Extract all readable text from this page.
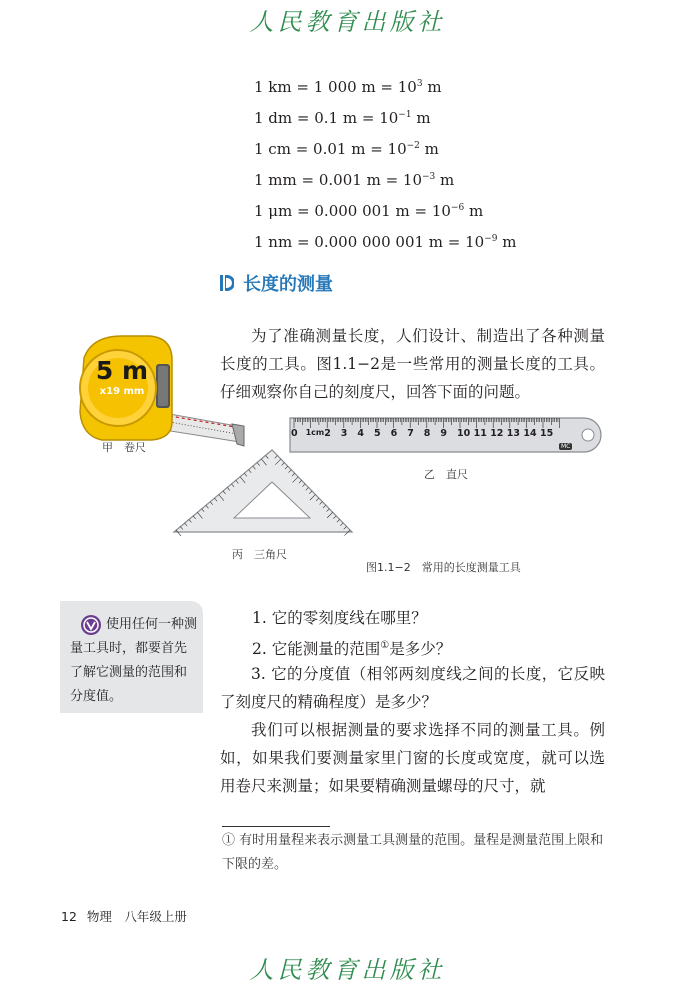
人民教育出版社
1 km = 1 000 $m = 10^3$ m
1 dm = 0.1 $m = 10^{-1}$ m
1 cm = 0.01 $m = 10^{-2}$ m
1 mm = 0.001 $m = 10^{-3}$ m
1 μm = 0.000 001 $m = 10^{-6}$ m
1 nm = 0.000 000 001 $m = 10^{-9}$ m
长度的测量
为了准确测量长度，人们设计、制造出了各种测量长度的工具。图1.1−2是一些常用的测量长度的工具。仔细观察你自己的刻度尺，回答下面的问题。
5 m
x19 mm
甲　卷尺
0 1cm 2 3 4 5 6 7 8 9 10 11 12 13 14 15
MC
乙　直尺
丙　三角尺
图1.1−2　常用的长度测量工具
使用任何一种测量工具时，都要首先了解它测量的范围和分度值。
1. 它的零刻度线在哪里？
2. 它能测量的范围①是多少？
3. 它的分度值（相邻两刻度线之间的长度，它反映了刻度尺的精确程度）是多少？
我们可以根据测量的要求选择不同的测量工具。例如，如果我们要测量家里门窗的长度或宽度，就可以选用卷尺来测量；如果要精确测量螺母的尺寸，就
① 有时用量程来表示测量工具测量的范围。量程是测量范围上限和下限的差。
12 物理　八年级上册
人民教育出版社
